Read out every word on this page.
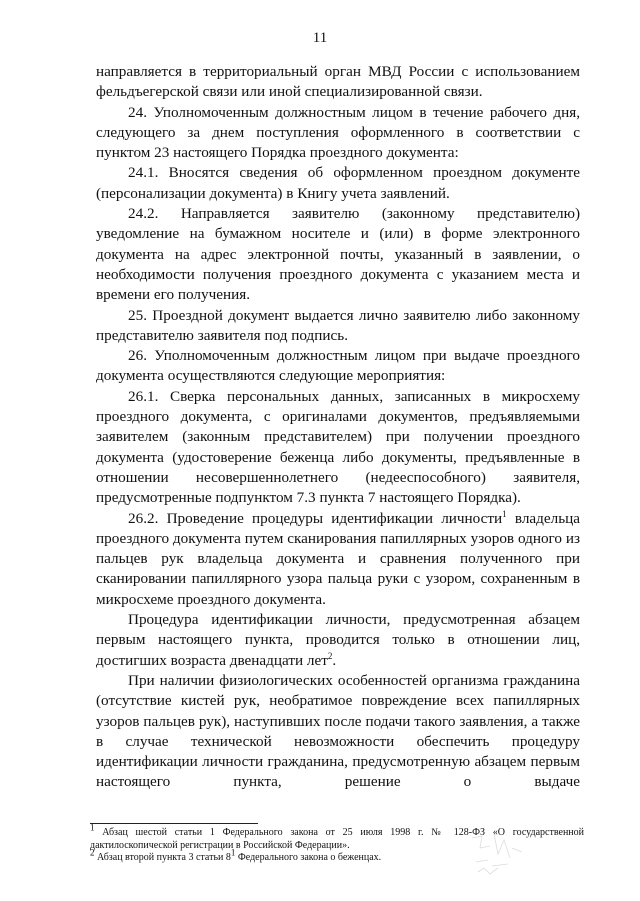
11

направляется в территориальный орган МВД России с использованием фельдъегерской связи или иной специализированной связи.

24. Уполномоченным должностным лицом в течение рабочего дня, следующего за днем поступления оформленного в соответствии с пунктом 23 настоящего Порядка проездного документа:

24.1. Вносятся сведения об оформленном проездном документе (персонализации документа) в Книгу учета заявлений.

24.2. Направляется заявителю (законному представителю) уведомление на бумажном носителе и (или) в форме электронного документа на адрес электронной почты, указанный в заявлении, о необходимости получения проездного документа с указанием места и времени его получения.

25. Проездной документ выдается лично заявителю либо законному представителю заявителя под подпись.

26. Уполномоченным должностным лицом при выдаче проездного документа осуществляются следующие мероприятия:

26.1. Сверка персональных данных, записанных в микросхему проездного документа, с оригиналами документов, предъявляемыми заявителем (законным представителем) при получении проездного документа (удостоверение беженца либо документы, предъявленные в отношении несовершеннолетнего (недееспособного) заявителя, предусмотренные подпунктом 7.3 пункта 7 настоящего Порядка).

26.2. Проведение процедуры идентификации личности$^1$ владельца проездного документа путем сканирования папиллярных узоров одного из пальцев рук владельца документа и сравнения полученного при сканировании папиллярного узора пальца руки с узором, сохраненным в микросхеме проездного документа.

Процедура идентификации личности, предусмотренная абзацем первым настоящего пункта, проводится только в отношении лиц, достигших возраста двенадцати лет$^2$.

При наличии физиологических особенностей организма гражданина (отсутствие кистей рук, необратимое повреждение всех папиллярных узоров пальцев рук), наступивших после подачи такого заявления, а также в случае технической невозможности обеспечить процедуру идентификации личности гражданина, предусмотренную абзацем первым настоящего пункта, решение о выдаче

$^1$ Абзац шестой статьи 1 Федерального закона от 25 июля 1998 г. № 128-ФЗ «О государственной дактилоскопической регистрации в Российской Федерации».

$^2$ Абзац второй пункта 3 статьи $8^1$ Федерального закона о беженцах.
